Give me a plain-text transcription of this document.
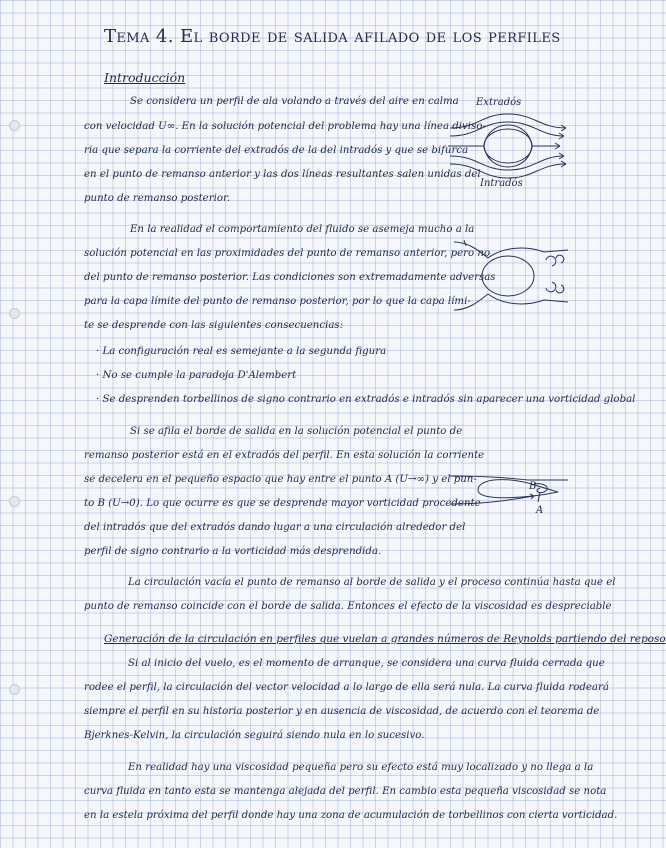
Tema 4. El borde de salida afilado de los perfiles
Introducción
Se considera un perfil de ala volando a través del aire en calma
con velocidad U∞. En la solución potencial del problema hay una línea diviso-
ria que separa la corriente del extradós de la del intradós y que se bifurca
en el punto de remanso anterior y las dos líneas resultantes salen unidas del
punto de remanso posterior.
Extradós
Intradós
En la realidad el comportamiento del fluido se asemeja mucho a la
solución potencial en las proximidades del punto de remanso anterior, pero no
del punto de remanso posterior. Las condiciones son extremadamente adversas
para la capa límite del punto de remanso posterior, por lo que la capa lími-
te se desprende con las siguientes consecuencias:
· La configuración real es semejante a la segunda figura
· No se cumple la paradoja D'Alembert
· Se desprenden torbellinos de signo contrario en extradós e intradós sin aparecer una vorticidad global
Si se afila el borde de salida en la solución potencial el punto de
remanso posterior está en el extradós del perfil. En esta solución la corriente
se decelera en el pequeño espacio que hay entre el punto A (U→∞) y el pun-
to B (U→0). Lo que ocurre es que se desprende mayor vorticidad procedente
del intradós que del extradós dando lugar a una circulación alrededor del
perfil de signo contrario a la vorticidad más desprendida.
B
A
La circulación vacía el punto de remanso al borde de salida y el proceso continúa hasta que el
punto de remanso coincide con el borde de salida. Entonces el efecto de la viscosidad es despreciable
Generación de la circulación en perfiles que vuelan a grandes números de Reynolds partiendo del reposo
Si al inicio del vuelo, es el momento de arranque, se considera una curva fluida cerrada que
rodee el perfil, la circulación del vector velocidad a lo largo de ella será nula. La curva fluida rodeará
siempre el perfil en su historia posterior y en ausencia de viscosidad, de acuerdo con el teorema de
Bjerknes-Kelvin, la circulación seguirá siendo nula en lo sucesivo.
En realidad hay una viscosidad pequeña pero su efecto está muy localizado y no llega a la
curva fluida en tanto esta se mantenga alejada del perfil. En cambio esta pequeña viscosidad se nota
en la estela próxima del perfil donde hay una zona de acumulación de torbellinos con cierta vorticidad.
